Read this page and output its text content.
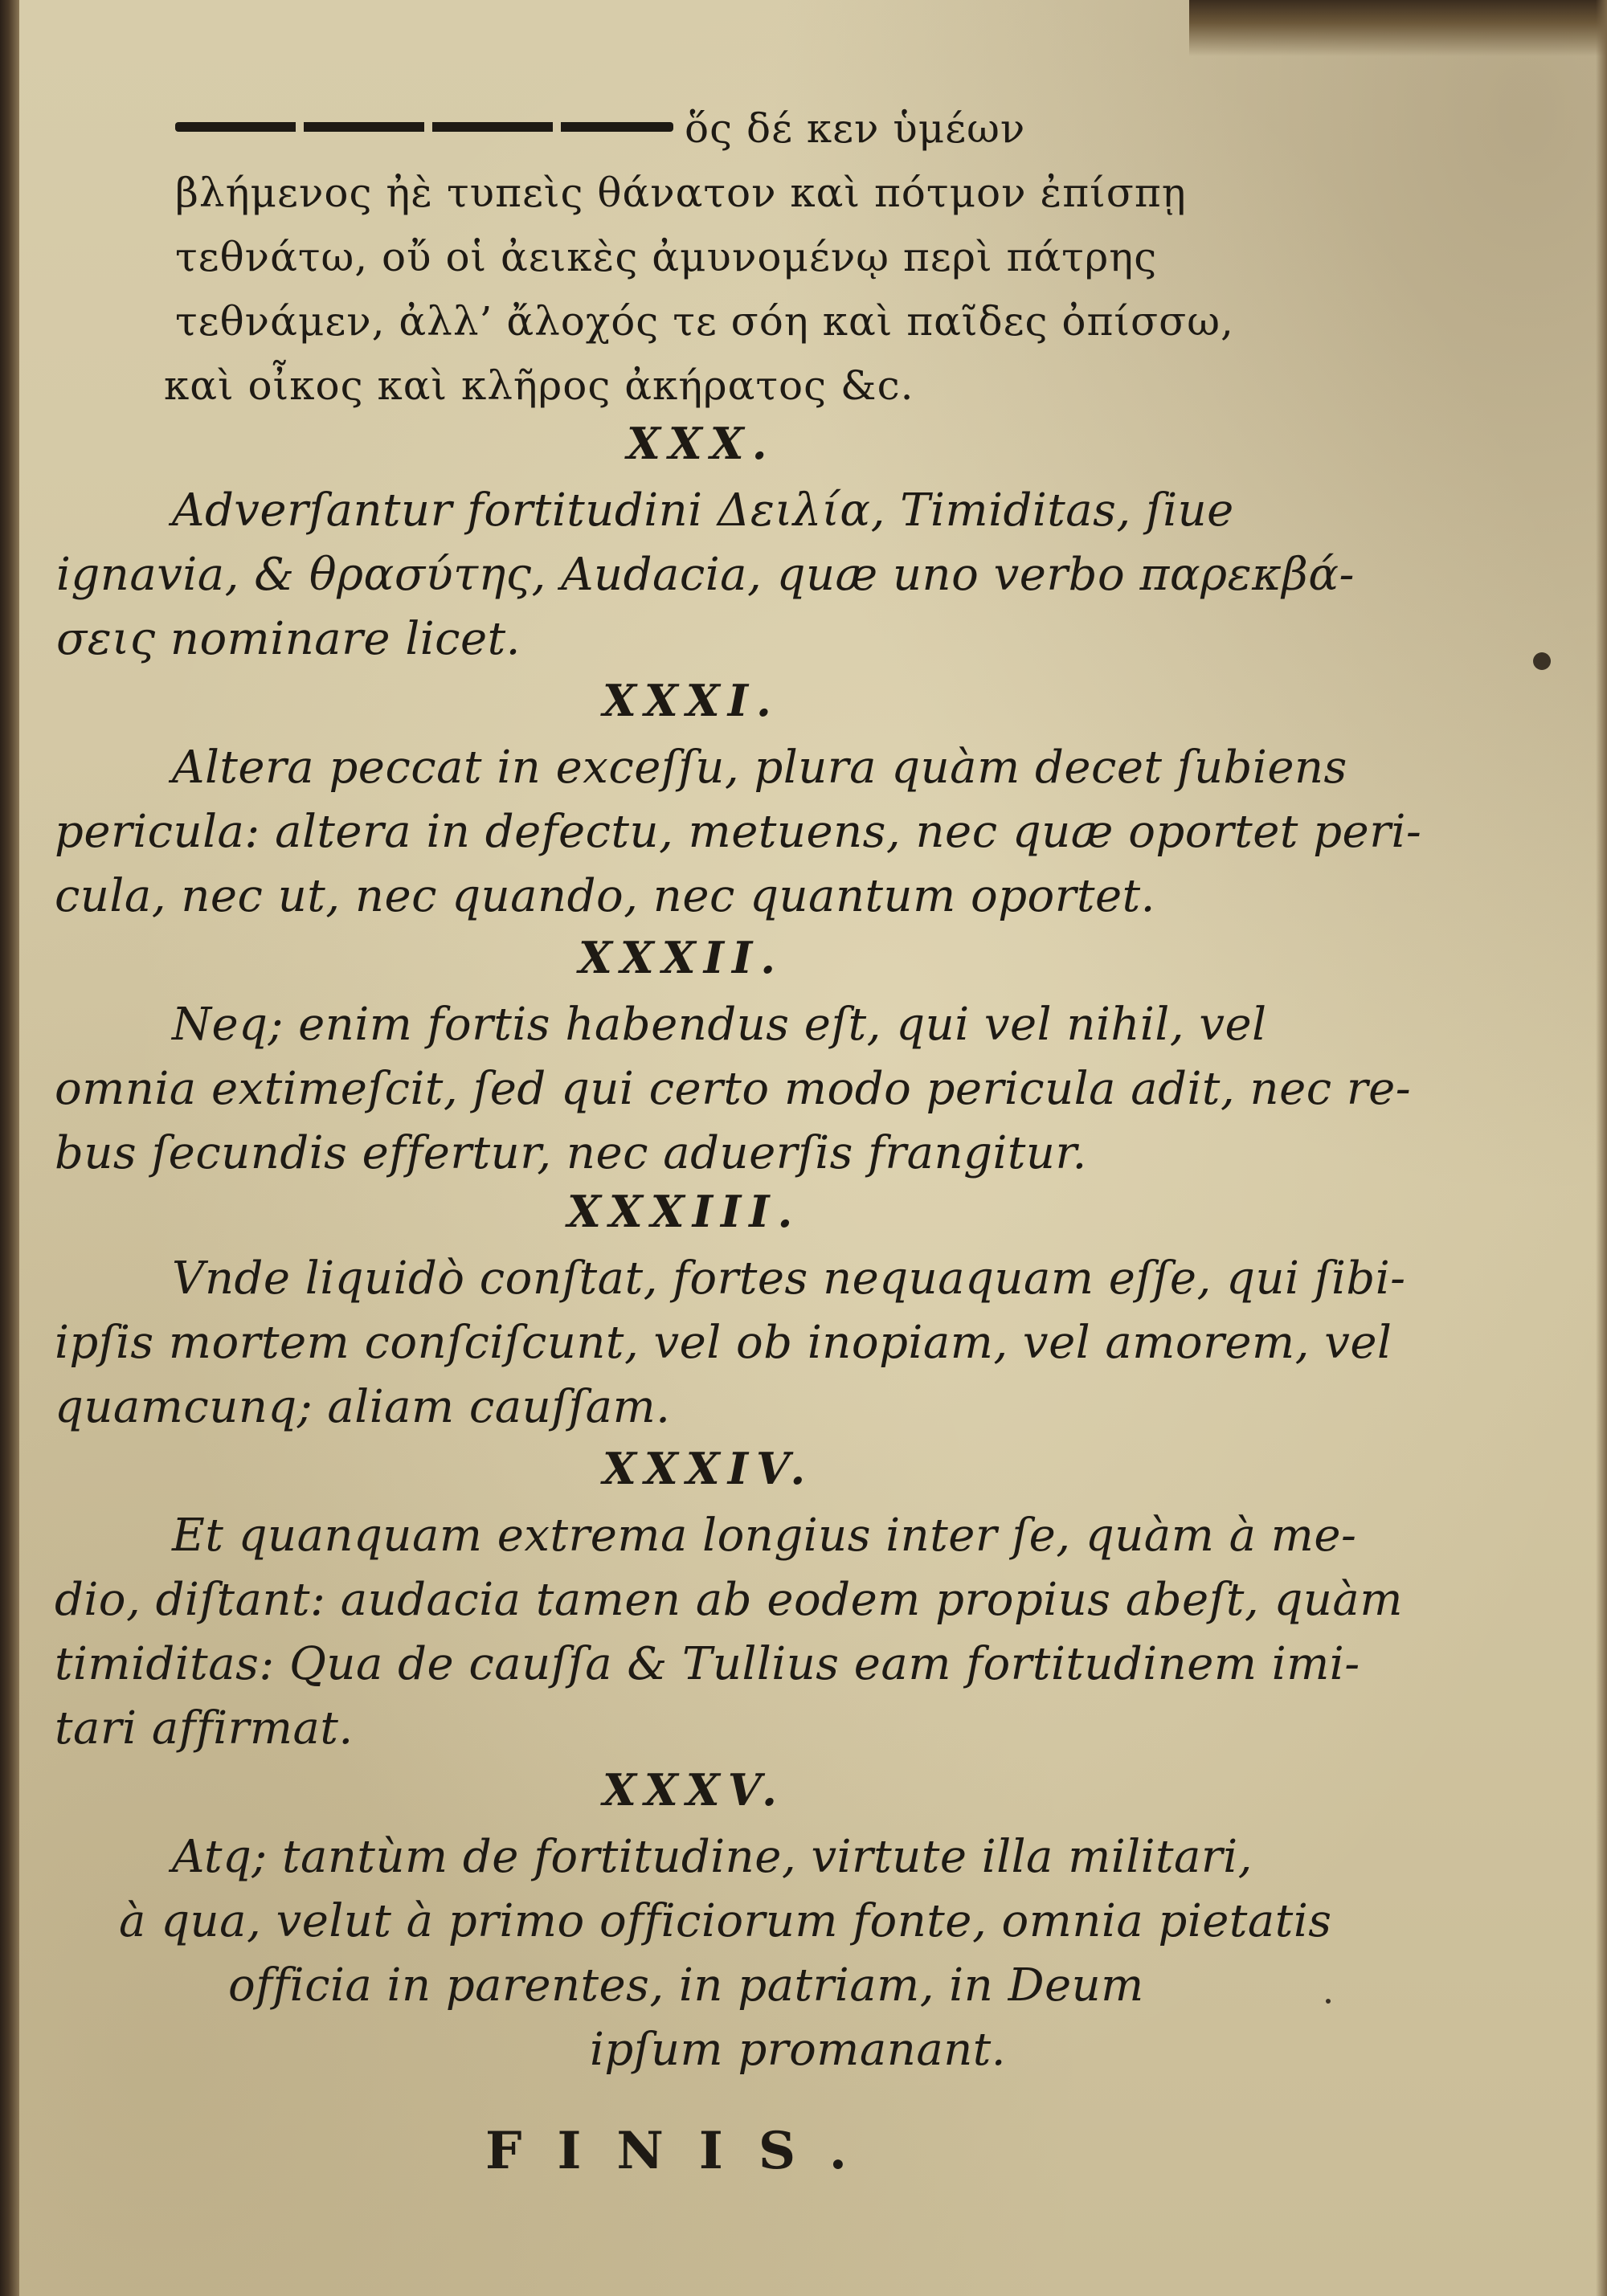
ὅς δέ κεν ὑμέων
βλήμενος ἠὲ τυπεὶς θάνατον καὶ πότμον ἐπίσπῃ
τεθνάτω, οὔ οἱ ἀεικὲς ἀμυνομένῳ περὶ πάτρης
τεθνάμεν, ἀλλ’ ἄλοχός τε σόη καὶ παῖδες ὀπίσσω,
καὶ οἶκος καὶ κλῆρος ἀκήρατος &c.
XXX.
Adverſantur fortitudini Δειλία, Timiditas, ſiue
ignavia, & θρασύτης, Audacia, quæ uno verbo παρεκβά-
σεις nominare licet.
XXXI.
Altera peccat in exceſſu, plura quàm decet ſubiens
pericula: altera in defectu, metuens, nec quæ oportet peri-
cula, nec ut, nec quando, nec quantum oportet.
XXXII.
Neq; enim fortis habendus eſt, qui vel nihil, vel
omnia extimeſcit, ſed qui certo modo pericula adit, nec re-
bus ſecundis effertur, nec aduerſis frangitur.
XXXIII.
Vnde liquidò conſtat, fortes nequaquam eſſe, qui ſibi-
ipſis mortem conſciſcunt, vel ob inopiam, vel amorem, vel
quamcunq; aliam cauſſam.
XXXIV.
Et quanquam extrema longius inter ſe, quàm à me-
dio, diſtant: audacia tamen ab eodem propius abeſt, quàm
timiditas: Qua de cauſſa & Tullius eam fortitudinem imi-
tari affirmat.
XXXV.
Atq; tantùm de fortitudine, virtute illa militari,
à qua, velut à primo officiorum fonte, omnia pietatis
officia in parentes, in patriam, in Deum
ipſum promanant.
FINIS.
